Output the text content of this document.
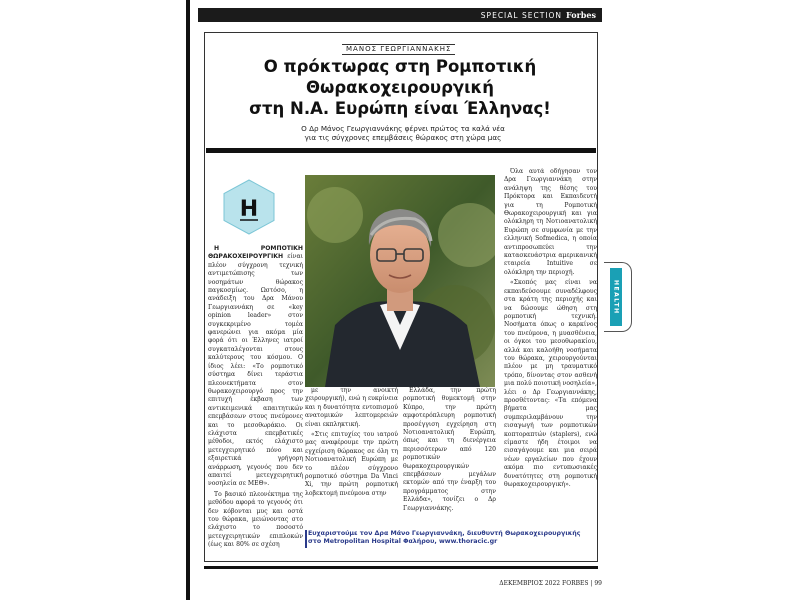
SPECIAL SECTION Forbes
ΜΑΝΟΣ ΓΕΩΡΓΙΑΝΝΑΚΗΣ
Ο πρόκτωρας στη Ρομποτική
Θωρακοχειρουργική
στη Ν.Α. Ευρώπη είναι Έλληνας!
Ο Δρ Μάνος Γεωργιαννάκης φέρνει πρώτος τα καλά νέα
για τις σύγχρονες επεμβάσεις θώρακος στη χώρα μας
Η

Η ΡΟΜΠΟΤΙΚΗ ΘΩΡΑΚΟΧΕΙΡΟΥΡΓΙΚΗ είναι πλέον σύγχρονη τεχνική αντιμετώπισης των νοσημάτων θώρακος παγκοσμίως. Ωστόσο, η ανάδειξη του Δρα Μάνου Γεωργιαννάκη σε «key opinion leader» στον συγκεκριμένο τομέα φανερώνει για ακόμα μία φορά ότι οι Έλληνες ιατροί συγκαταλέγονται στους καλύτερους του κόσμου. Ο ίδιος λέει: «Το ρομποτικό σύστημα δίνει τεράστια πλεονεκτήματα στον θωρακοχειρουργό προς την επιτυχή έκβαση των αντικειμενικά απαιτητικών επεμβάσεων στους πνεύμονες και το μεσοθωράκιο. Οι ελάχιστα επεμβατικές μέθοδοι, εκτός ελάχιστο μετεγχειρητικό πόνο και εξαιρετικά γρήγορη ανάρρωση, γεγονός που δεν απαιτεί μετεγχειρητική νοσηλεία σε ΜΕΘ».

Το βασικό πλεονέκτημα της μεθόδου αφορά το γεγονός ότι δεν κόβονται μυς και οστά του θώρακα, μειώνοντας στο ελάχιστο το ποσοστό μετεγχειρητικών επιπλοκών (έως και 80% σε σχέση

με την ανοικτή χειρουργική), ενώ η ευκρίνεια και η δυνατότητα εντοπισμού ανατομικών λεπτομερειών είναι εκπληκτική.

«Στις επιτυχίες του ιατρού μας αναφέρουμε την πρώτη εγχείριση θώρακος σε όλη τη Νοτιοανατολική Ευρώπη με το πλέον σύγχρονο ρομποτικό σύστημα Da Vinci Xi, την πρώτη ρομποτική λοβεκτομή πνεύμονα στην

Ελλάδα, την πρώτη ρομποτική θυμεκτομή στην Κύπρο, την πρώτη αμφοτερόπλευρη ρομποτική προσέγγιση εγχείρηση στη Νοτιοανατολική Ευρώπη, όπως και τη διενέργεια περισσότερων από 120 ρομποτικών θωρακοχειρουργικών επεμβάσεων μεγάλων εκτομών από την έναρξη του προγράμματος στην Ελλάδα», τονίζει ο Δρ Γεωργιαννάκης.

Όλα αυτά οδήγησαν τον Δρα Γεωργιαννάκη στην ανάληψη της θέσης του Πρόκτορα και Εκπαιδευτή για τη Ρομποτική Θωρακοχειρουργική και για ολόκληρη τη Νοτιοανατολική Ευρώπη σε συμφωνία με την ελληνική Sofmedica, η οποία αντιπροσωπεύει την κατασκευάστρια αμερικανική εταιρεία Intuitive σε ολόκληρη την περιοχή.

«Σκοπός μας είναι να εκπαιδεύσουμε συναδέλφους στα κράτη της περιοχής και να δώσουμε ώθηση στη ρομποτική τεχνική. Νοσήματα όπως ο καρκίνος του πνεύμονα, η μυασθένεια, οι όγκοι του μεσοθωρακίου, αλλά και καλοήθη νοσήματα του θώρακα, χειρουργούνται πλέον με μη τραυματικό τρόπο, δίνοντας στον ασθενή μια πολύ ποιοτική νοσηλεία», λέει ο Δρ Γεωργιαννάκης, προσθέτοντας: «Τα επόμενα βήματα μας συμπεριλαμβάνουν την εισαγωγή των ρομποτικών κοπτοραπτών (staplers), ενώ είμαστε ήδη έτοιμοι να εισαγάγουμε και μια σειρά νέων εργαλείων που έχουν ακόμα πιο εντυπωσιακές δυνατότητες στη ρομποτική θωρακοχειρουργική».

Ευχαριστούμε τον Δρα Μάνο Γεωργιαννάκη, διευθυντή Θωρακοχειρουργικής
στο Metropolitan Hospital Φαλήρου, www.thoracic.gr
ΔΕΚΕΜΒΡΙΟΣ 2022 FORBES | 99
HEALTH
